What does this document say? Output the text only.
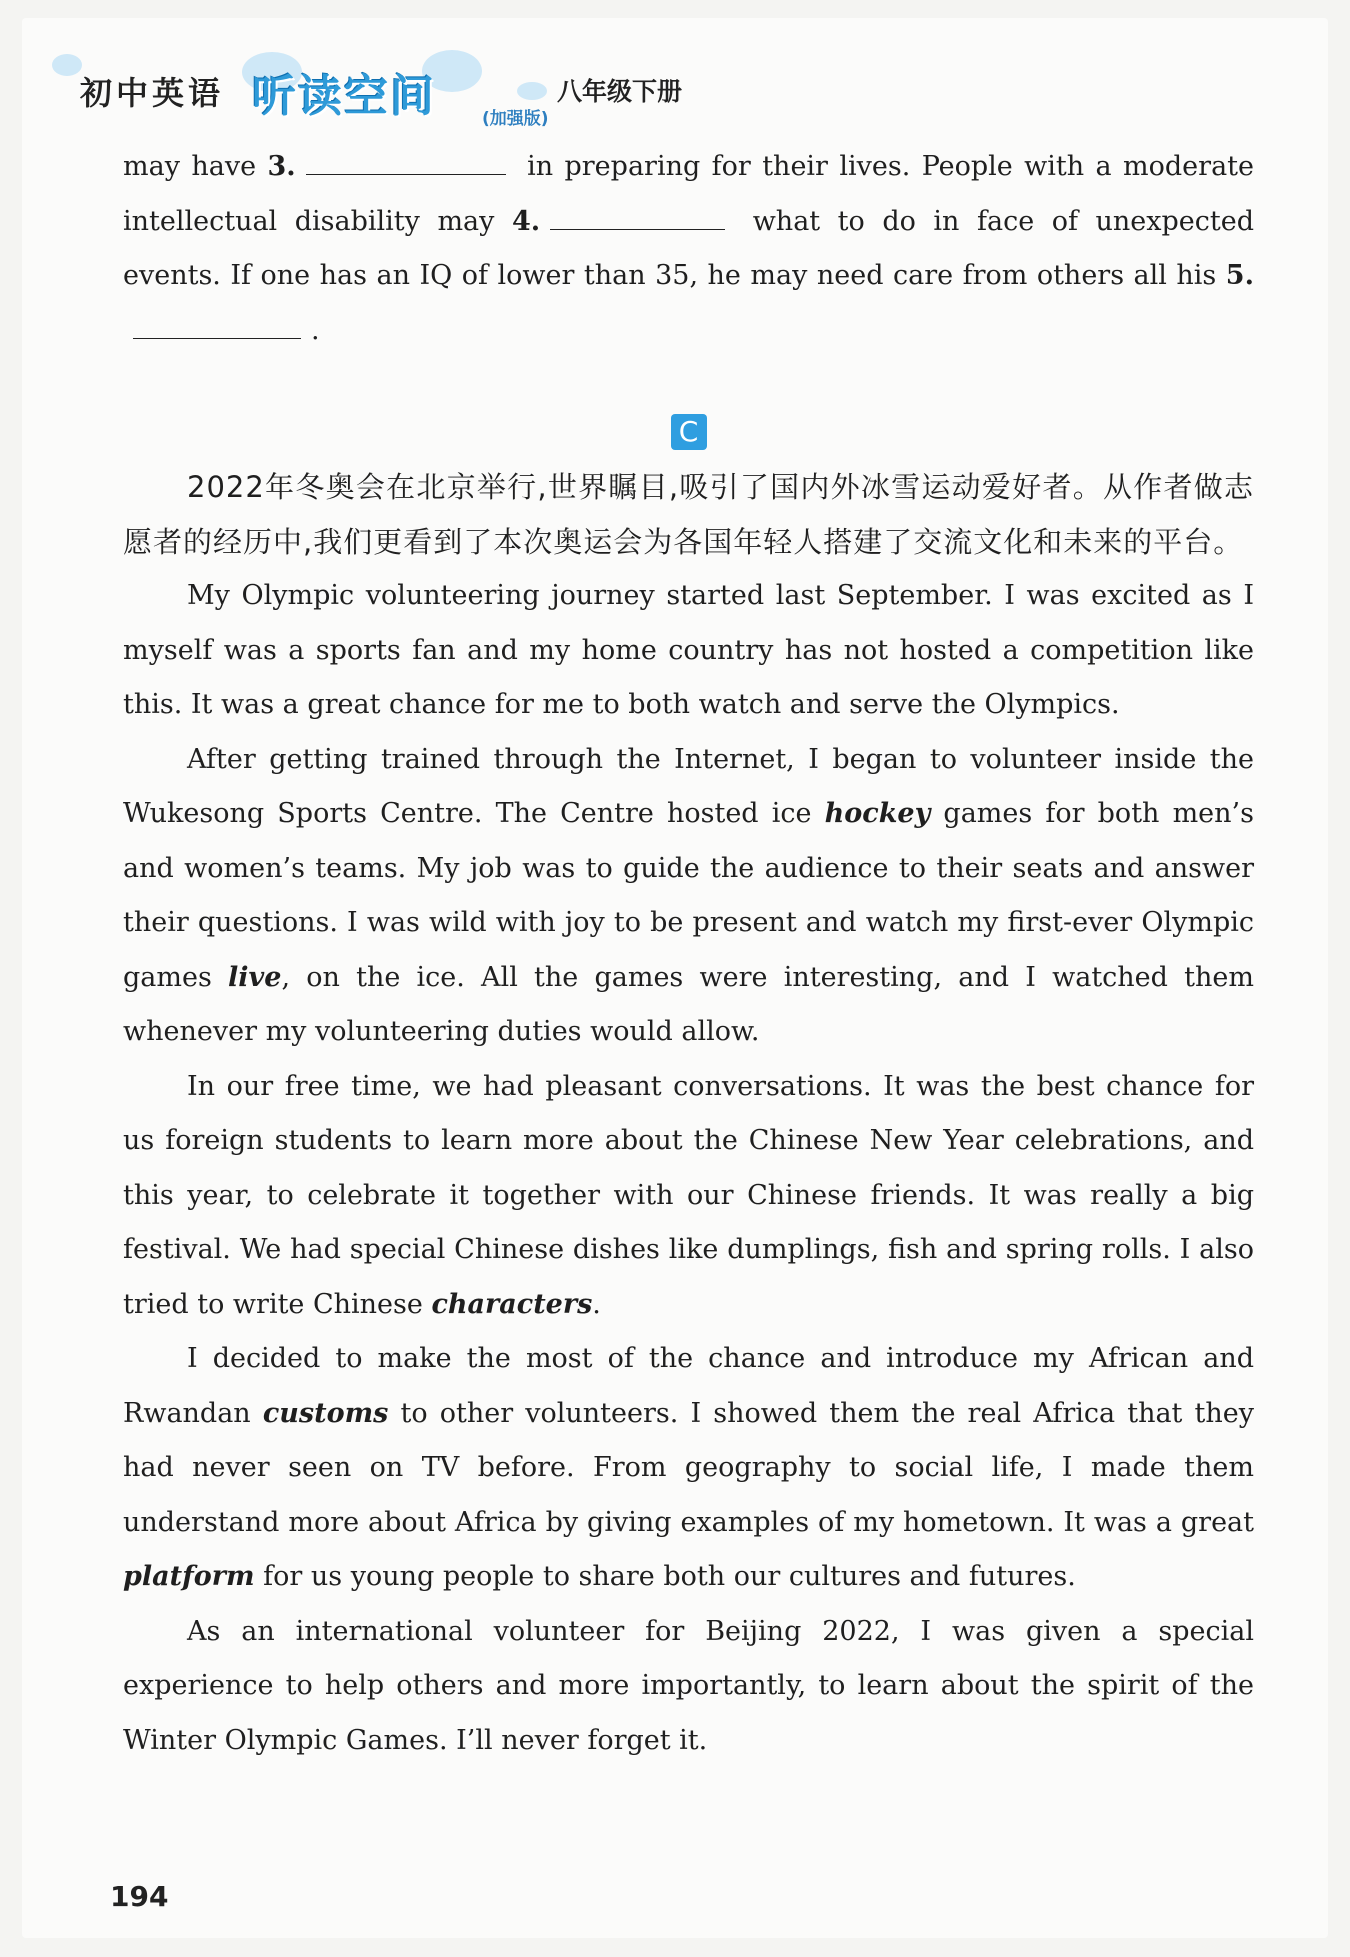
初中英语 听读空间	(加强版)
八年级下册

may have 3.	in preparing for their lives. People with a moderate intellectual disability may 4.	what to do in face of unexpected events. If one has an IQ of lower than 35, he may need care from others all his 5..

C

2022年冬奥会在北京举行,世界瞩目,吸引了国内外冰雪运动爱好者。从作者做志愿者的经历中,我们更看到了本次奥运会为各国年轻人搭建了交流文化和未来的平台。

My Olympic volunteering journey started last September. I was excited as I myself was a sports fan and my home country has not hosted a competition like this. It was a great chance for me to both watch and serve the Olympics.

After getting trained through the Internet, I began to volunteer inside the Wukesong Sports Centre. The Centre hosted ice hockey games for both men’s and women’s teams. My job was to guide the audience to their seats and answer their questions. I was wild with joy to be present and watch my first-ever Olympic games live, on the ice. All the games were interesting, and I watched them whenever my volunteering duties would allow.

In our free time, we had pleasant conversations. It was the best chance for us foreign students to learn more about the Chinese New Year celebrations, and this year, to celebrate it together with our Chinese friends. It was really a big festival. We had special Chinese dishes like dumplings, fish and spring rolls. I also tried to write Chinese characters.

I decided to make the most of the chance and introduce my African and Rwandan customs to other volunteers. I showed them the real Africa that they had never seen on TV before. From geography to social life, I made them understand more about Africa by giving examples of my hometown. It was a great platform for us young people to share both our cultures and futures.

As an international volunteer for Beijing 2022, I was given a special experience to help others and more importantly, to learn about the spirit of the Winter Olympic Games. I’ll never forget it.

194
